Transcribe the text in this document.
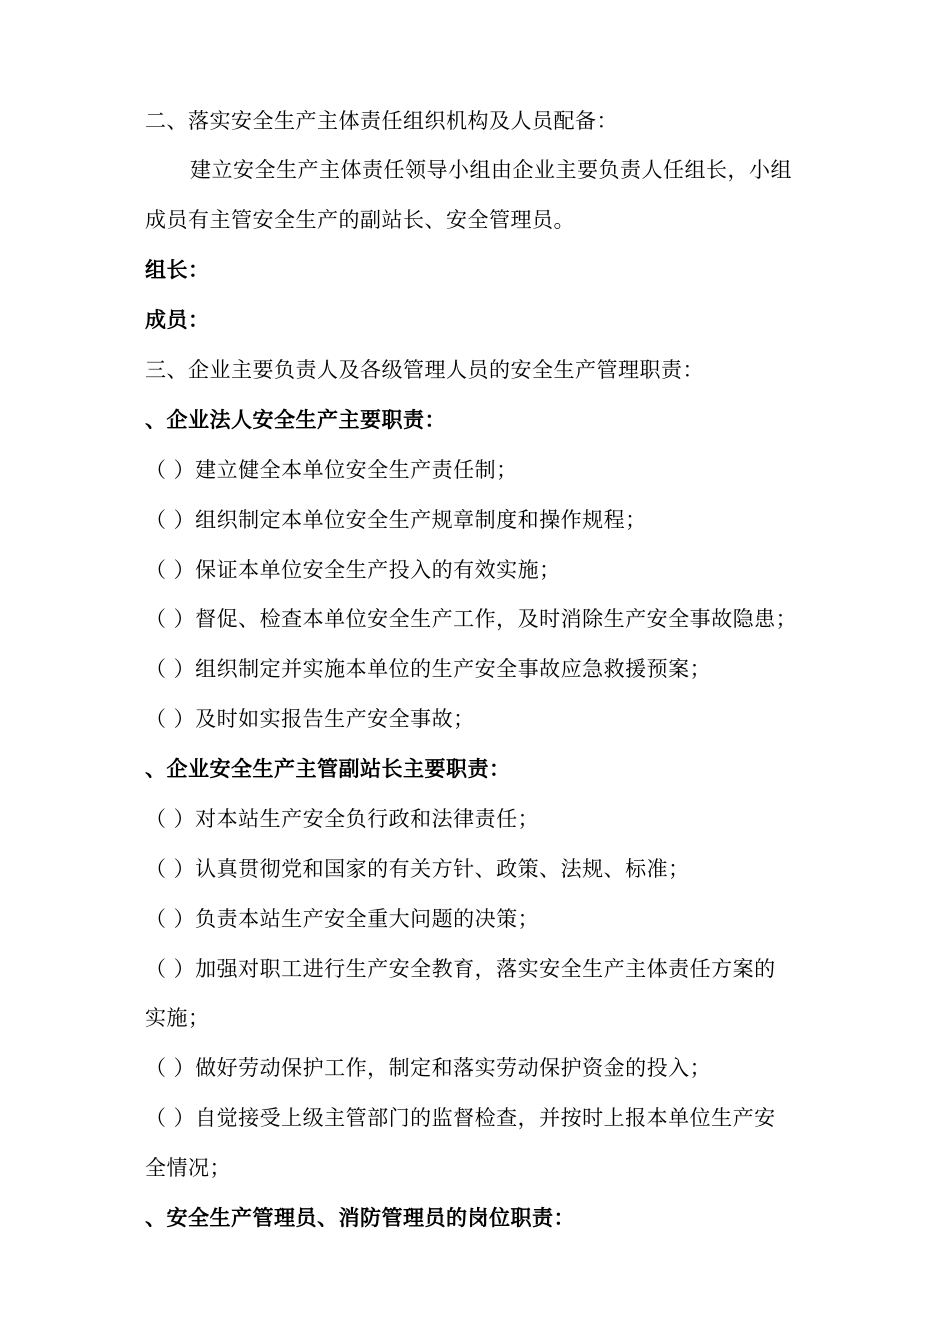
二、落实安全生产主体责任组织机构及人员配备：
建立安全生产主体责任领导小组由企业主要负责人任组长，小组
成员有主管安全生产的副站长、安全管理员。
组长：
成员：
三、企业主要负责人及各级管理人员的安全生产管理职责：
、企业法人安全生产主要职责：
（ ）建立健全本单位安全生产责任制；
（ ）组织制定本单位安全生产规章制度和操作规程；
（ ）保证本单位安全生产投入的有效实施；
（ ）督促、检查本单位安全生产工作，及时消除生产安全事故隐患；
（ ）组织制定并实施本单位的生产安全事故应急救援预案；
（ ）及时如实报告生产安全事故；
、企业安全生产主管副站长主要职责：
（ ）对本站生产安全负行政和法律责任；
（ ）认真贯彻党和国家的有关方针、政策、法规、标准；
（ ）负责本站生产安全重大问题的决策；
（ ）加强对职工进行生产安全教育，落实安全生产主体责任方案的
实施；
（ ）做好劳动保护工作，制定和落实劳动保护资金的投入；
（ ）自觉接受上级主管部门的监督检查，并按时上报本单位生产安
全情况；
、安全生产管理员、消防管理员的岗位职责：
